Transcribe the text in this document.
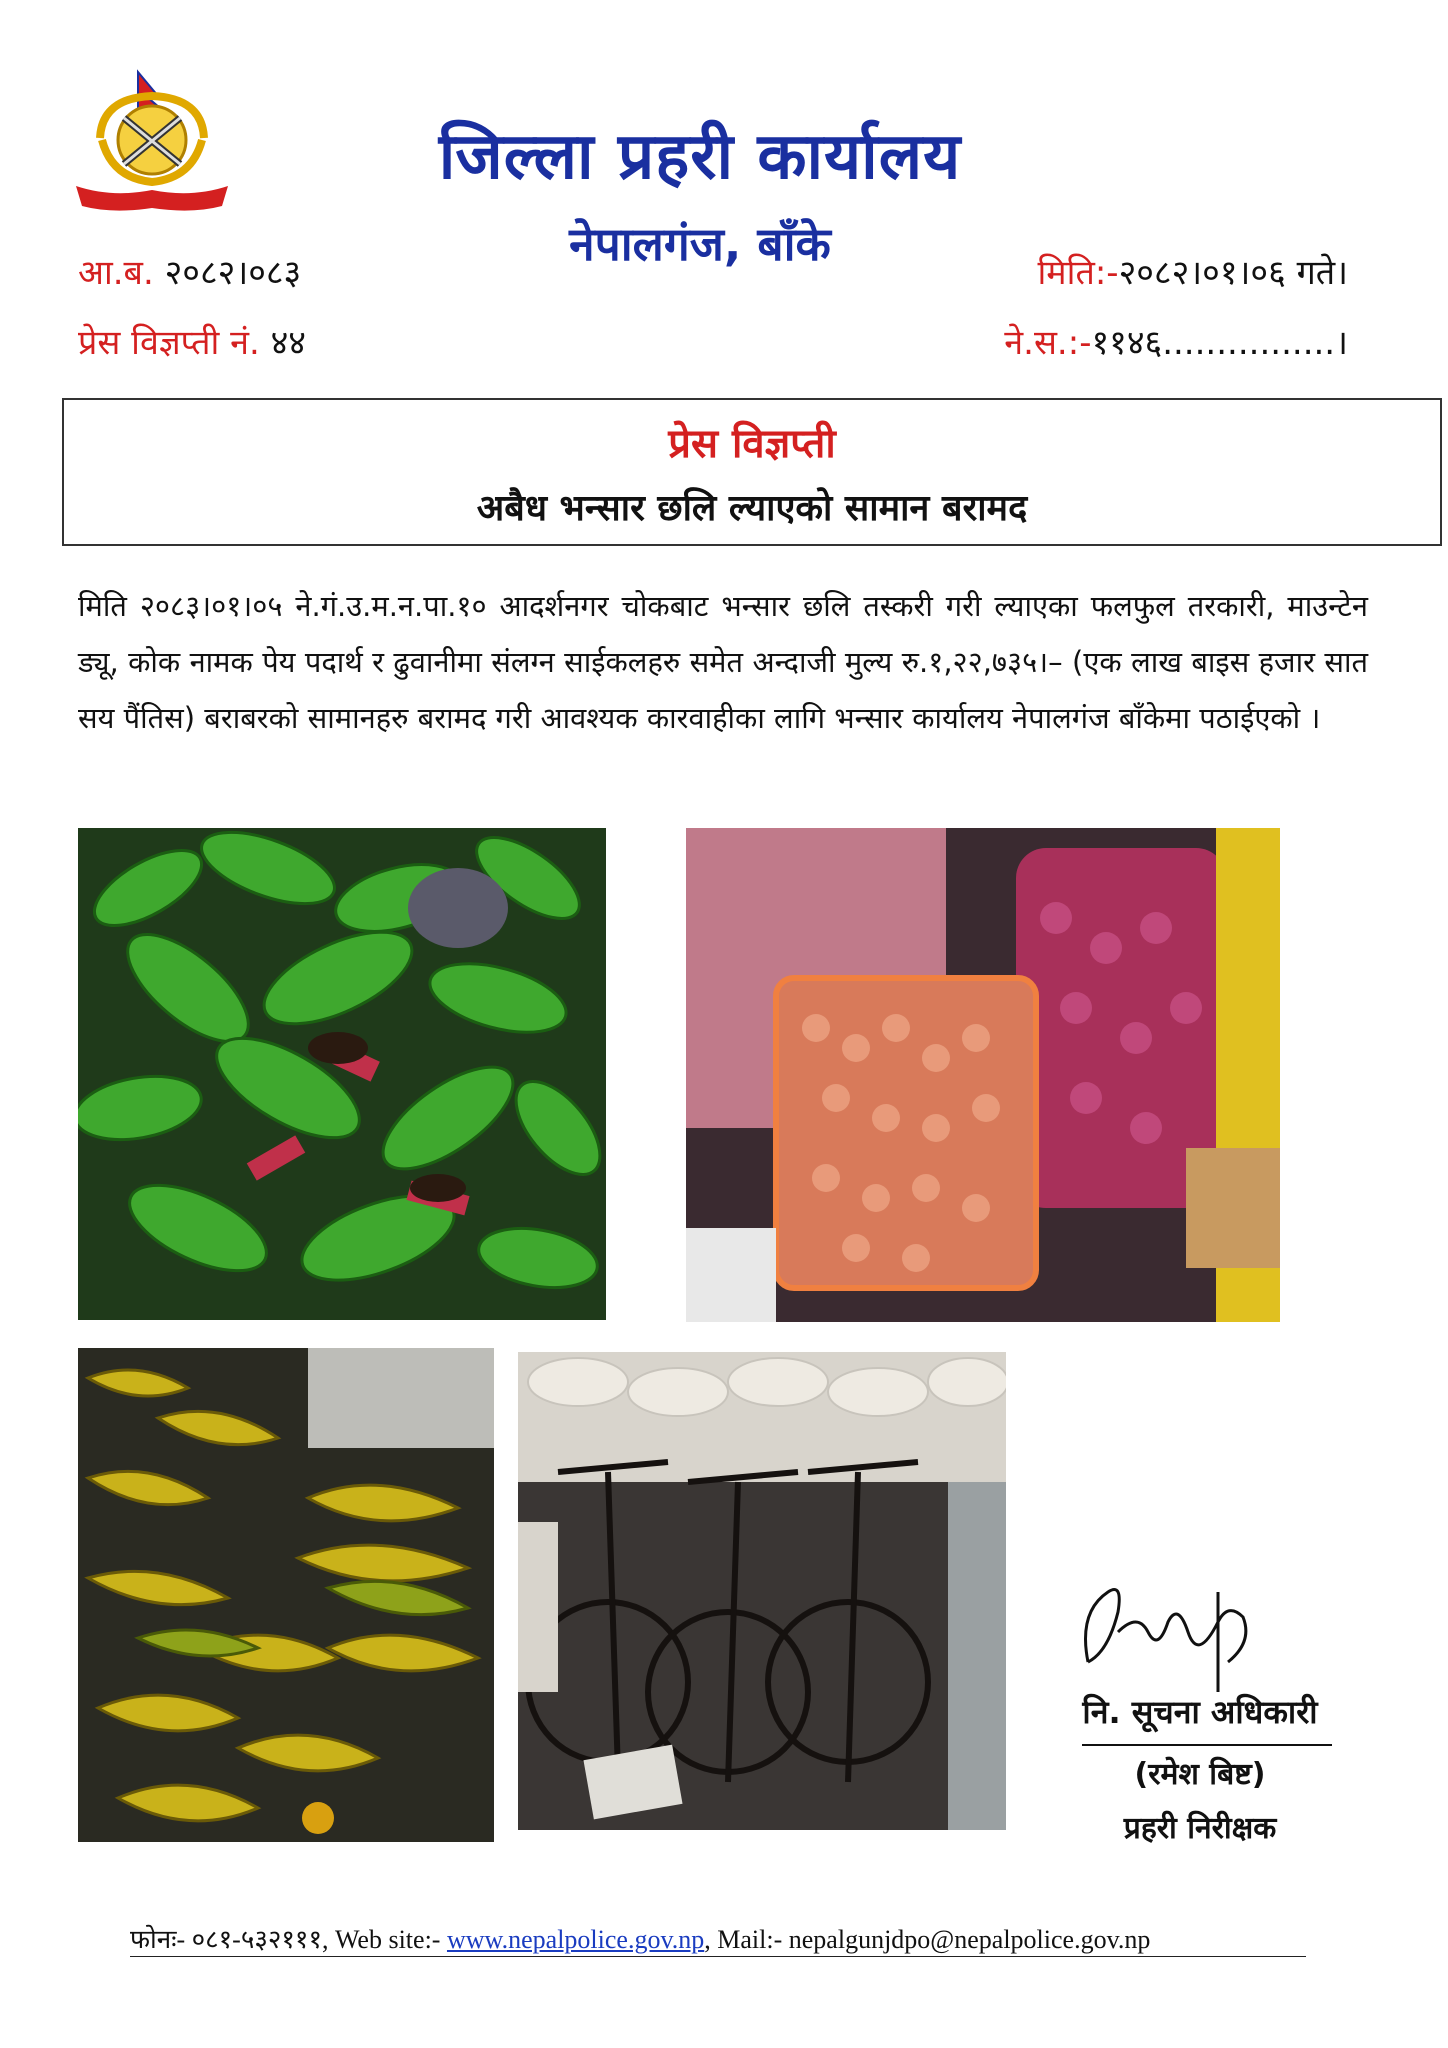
जिल्ला प्रहरी कार्यालय
नेपालगंज, बाँके
आ.ब. २०८२।०८३
प्रेस विज्ञप्ती नं. ४४
मिति:-२०८२।०१।०६ गते।
ने.स.:-११४६................।
प्रेस विज्ञप्ती
अबैध भन्सार छलि ल्याएको सामान बरामद
मिति २०८३।०१।०५ ने.गं.उ.म.न.पा.१० आदर्शनगर चोकबाट भन्सार छलि तस्करी गरी ल्याएका फलफुल तरकारी, माउन्टेन ड्यू, कोक नामक पेय पदार्थ र ढुवानीमा संलग्न साईकलहरु समेत अन्दाजी मुल्य रु.१,२२,७३५।– (एक लाख बाइस हजार सात सय पैंतिस) बराबरको सामानहरु बरामद गरी आवश्यक कारवाहीका लागि भन्सार कार्यालय नेपालगंज बाँकेमा पठाईएको ।
नि. सूचना अधिकारी
(रमेश बिष्ट)
प्रहरी निरीक्षक
फोनः- ०८१-५३२१११, Web site:- www.nepalpolice.gov.np, Mail:- nepalgunjdpo@nepalpolice.gov.np
